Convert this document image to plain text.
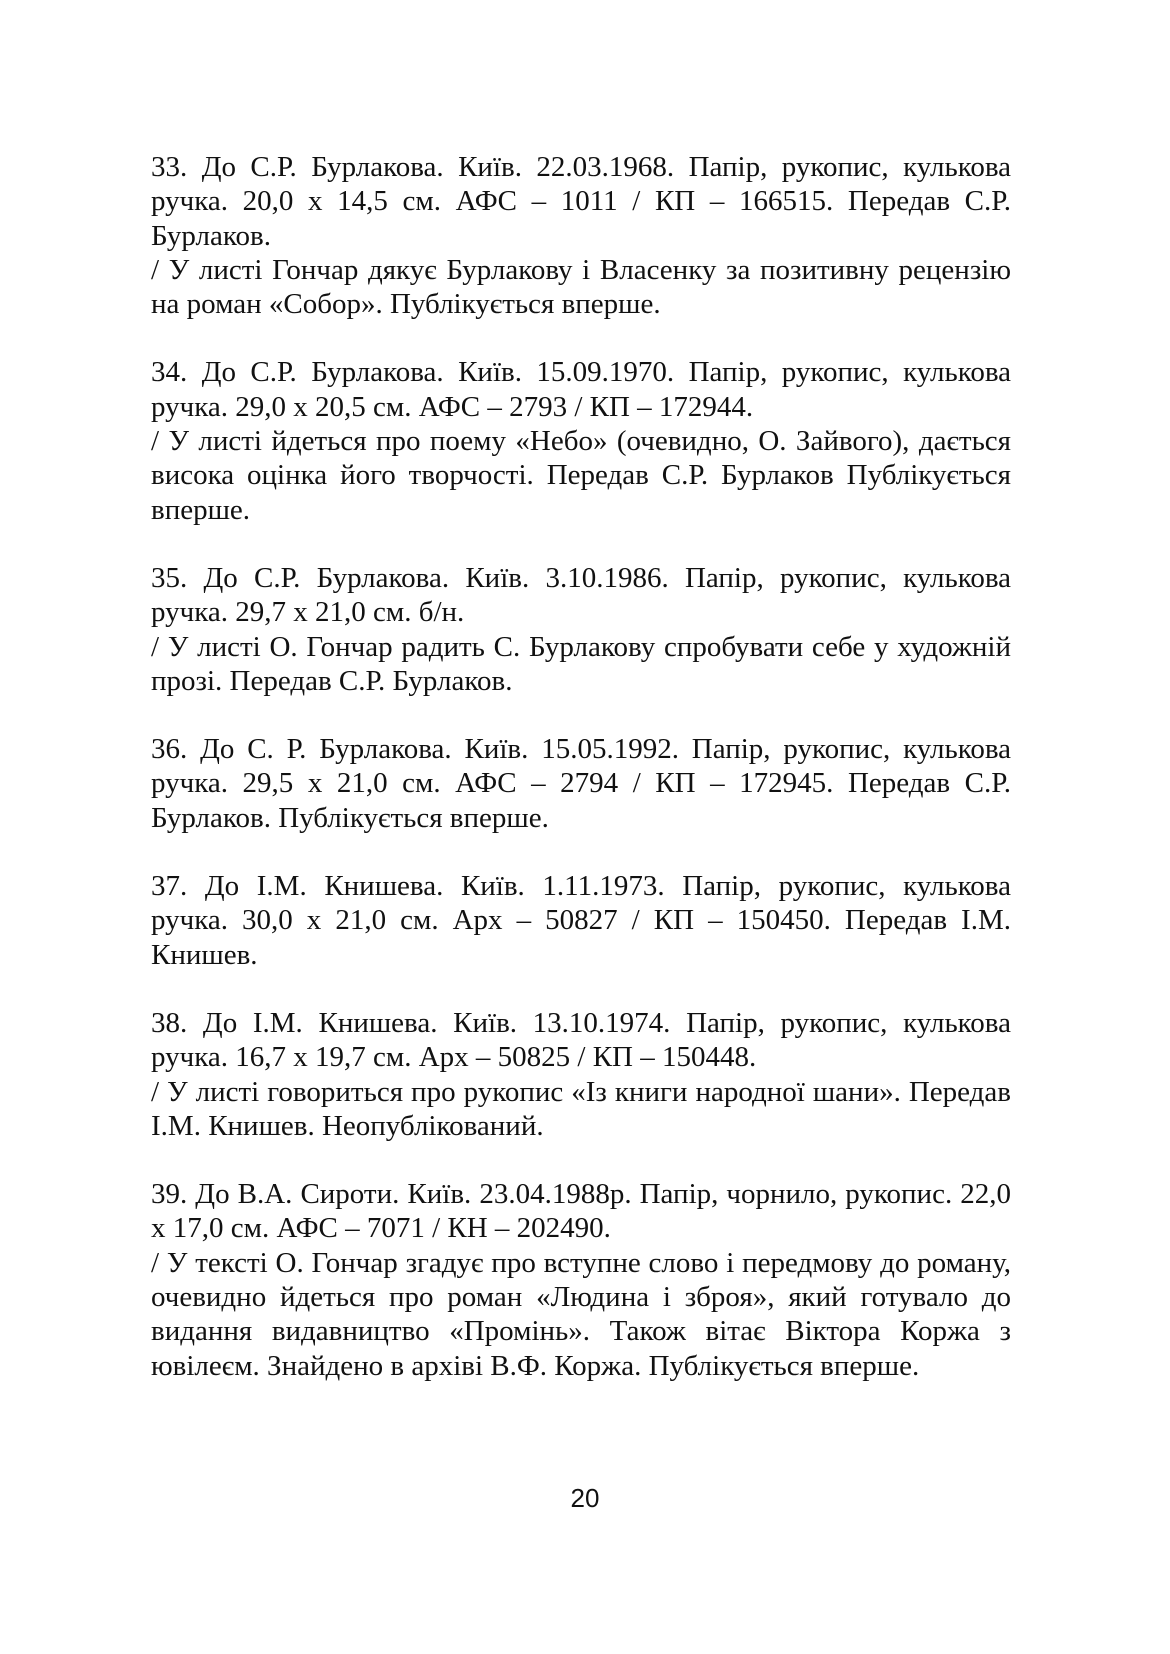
33. До С.Р. Бурлакова. Київ. 22.03.1968. Папір, рукопис, кулькова ручка. 20,0 х 14,5 см. АФС – 1011 / КП – 166515. Передав С.Р. Бурлаков.

/ У листі Гончар дякує Бурлакову і Власенку за позитивну рецензію на роман «Собор». Публікується вперше.

34. До С.Р. Бурлакова. Київ. 15.09.1970. Папір, рукопис, кулькова ручка. 29,0 х 20,5 см. АФС – 2793 / КП – 172944.

/ У листі йдеться про поему «Небо» (очевидно, О. Зайвого), дається висока оцінка його творчості. Передав С.Р. Бурлаков Публікується вперше.

35. До С.Р. Бурлакова. Київ. 3.10.1986. Папір, рукопис, кулькова ручка. 29,7 х 21,0 см. б/н.

/ У листі О. Гончар радить С. Бурлакову спробувати себе у художній прозі. Передав С.Р. Бурлаков.

36. До С. Р. Бурлакова. Київ. 15.05.1992. Папір, рукопис, кулькова ручка. 29,5 х 21,0 см. АФС – 2794 / КП – 172945. Передав С.Р. Бурлаков. Публікується вперше.

37. До І.М. Книшева. Київ. 1.11.1973. Папір, рукопис, кулькова ручка. 30,0 х 21,0 см. Арх – 50827 / КП – 150450. Передав І.М. Книшев.

38. До І.М. Книшева. Київ. 13.10.1974. Папір, рукопис, кулькова ручка. 16,7 х 19,7 см. Арх – 50825 / КП – 150448.

/ У листі говориться про рукопис «Із книги народної шани». Передав І.М. Книшев. Неопублікований.

39. До В.А. Сироти. Київ. 23.04.1988р. Папір, чорнило, рукопис. 22,0 х 17,0 см. АФС – 7071 / КН – 202490.

/ У тексті О. Гончар згадує про вступне слово і передмову до роману, очевидно йдеться про роман «Людина і зброя», який готувало до видання видавництво «Промінь». Також вітає Віктора Коржа з ювілеєм. Знайдено в архіві В.Ф. Коржа. Публікується вперше.

20
